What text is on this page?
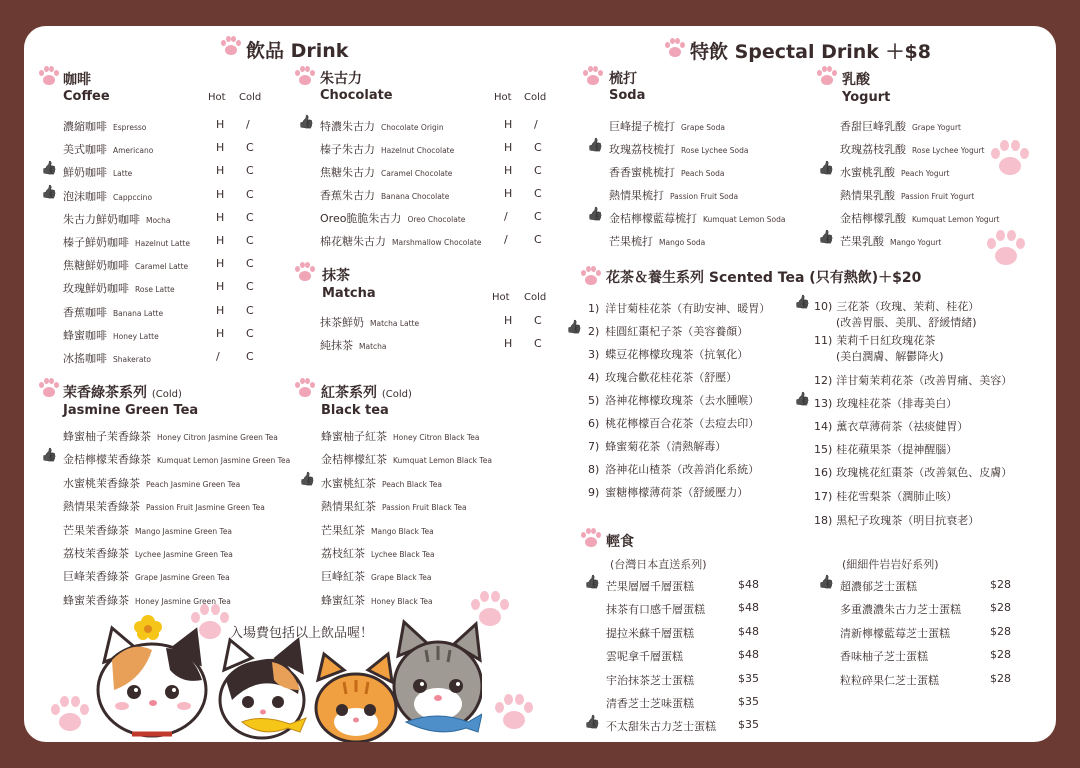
飲品 Drink	特飲 Spectal Drink ＋$8
咖啡
Coffee	Hot Cold
朱古力
Chocolate	Hot Cold
抹茶
Matcha	Hot Cold
茉香綠茶系列 (Cold)
Jasmine Green Tea
紅茶系列 (Cold)
Black tea
入場費包括以上飲品喔！
梳打
Soda
乳酸
Yogurt
花茶＆養生系列 Scented Tea (只有熱飲)＋$20
輕食
(台灣日本直送系列)	(細細件岩岩好系列)
濃縮咖啡 Espresso	H /
美式咖啡 Americano	H C
鮮奶咖啡 Latte	H C
👍
泡沫咖啡 Cappccino	H C
👍
朱古力鮮奶咖啡 Mocha	H C
榛子鮮奶咖啡 Hazelnut Latte H C
焦糖鮮奶咖啡 Caramel Latte	H C
玫瑰鮮奶咖啡 Rose Latte	H C
香蕉咖啡 Banana Latte	H C
蜂蜜咖啡 Honey Latte	H C
冰搖咖啡 Shakerato	/ C
特濃朱古力 Chocolate Origin	H /
👍
榛子朱古力 Hazelnut Chocolate	H C
焦糖朱古力 Caramel Chocolate	H C
香蕉朱古力 Banana Chocolate	H C
Oreo脆脆朱古力 Oreo Chocolate	/ C
棉花糖朱古力 Marshmallow Chocolate / C
抹茶鮮奶 Matcha Latte	H C
純抹茶 Matcha	H C
蜂蜜柚子茉香綠茶 Honey Citron Jasmine Green Tea
金桔檸檬茉香綠茶 Kumquat Lemon Jasmine Green Tea
👍
水蜜桃茉香綠茶 Peach Jasmine Green Tea
熱情果茉香綠茶 Passion Fruit Jasmine Green Tea
芒果茉香綠茶 Mango Jasmine Green Tea
荔枝茉香綠茶 Lychee Jasmine Green Tea
巨峰茉香綠茶 Grape Jasmine Green Tea
蜂蜜茉香綠茶 Honey Jasmine Green Tea
蜂蜜柚子紅茶 Honey Citron Black Tea
金桔檸檬紅茶 Kumquat Lemon Black Tea
水蜜桃紅茶 Peach Black Tea
👍
熱情果紅茶 Passion Fruit Black Tea
芒果紅茶 Mango Black Tea
荔枝紅茶 Lychee Black Tea
巨峰紅茶 Grape Black Tea
蜂蜜紅茶 Honey Black Tea
巨峰提子梳打 Grape Soda
玫瑰荔枝梳打 Rose Lychee Soda
👍
香香蜜桃梳打 Peach Soda
熱情果梳打 Passion Fruit Soda
金桔檸檬藍莓梳打 Kumquat Lemon Soda
👍
芒果梳打 Mango Soda
香甜巨峰乳酸 Grape Yogurt
玫瑰荔枝乳酸 Rose Lychee Yogurt
水蜜桃乳酸 Peach Yogurt
👍
熱情果乳酸 Passion Fruit Yogurt
金桔檸檬乳酸 Kumquat Lemon Yogurt
芒果乳酸 Mango Yogurt
👍
1) 洋甘菊桂花茶（有助安神、暖胃）
2) 桂圓紅棗杞子茶（美容養顏）
👍
3) 蝶豆花檸檬玫瑰茶（抗氧化）
4) 玫瑰合歡花桂花茶（舒壓）
5) 洛神花檸檬玫瑰茶（去水腫喉）
6) 桃花檸檬百合花茶（去痘去印）
7) 蜂蜜菊花茶（清熱解毒）
8) 洛神花山楂茶（改善消化系統）
9) 蜜糖檸檬薄荷茶（舒緩壓力）
10) 三花茶（玫瑰、茉莉、桂花）
(改善胃脹、美肌、舒緩情緒)
👍
11) 茉莉千日紅玫瑰花茶
(美白潤膚、解鬱降火)
12) 洋甘菊茉莉花茶（改善胃痛、美容）
13) 玫瑰桂花茶（排毒美白）
👍
14) 薰衣草薄荷茶（祛痰健胃）
15) 桂花蘋果茶（提神醒腦）
16) 玫瑰桃花紅棗茶（改善氣色、皮膚）
17) 桂花雪梨茶（潤肺止咳）
18) 黑杞子玫瑰茶（明目抗衰老）
芒果層層千層蛋糕	$48
👍
抹茶有口感千層蛋糕	$48
提拉米蘇千層蛋糕	$48
雲呢拿千層蛋糕	$48
宇治抹茶芝士蛋糕	$35
清香芝士芝味蛋糕	$35
不太甜朱古力芝士蛋糕 $35
👍
超濃郁芝士蛋糕	$28
👍
多重濃濃朱古力芝士蛋糕	$28
清新檸檬藍莓芝士蛋糕	$28
香味柚子芝士蛋糕	$28
粒粒碎果仁芝士蛋糕	$28
